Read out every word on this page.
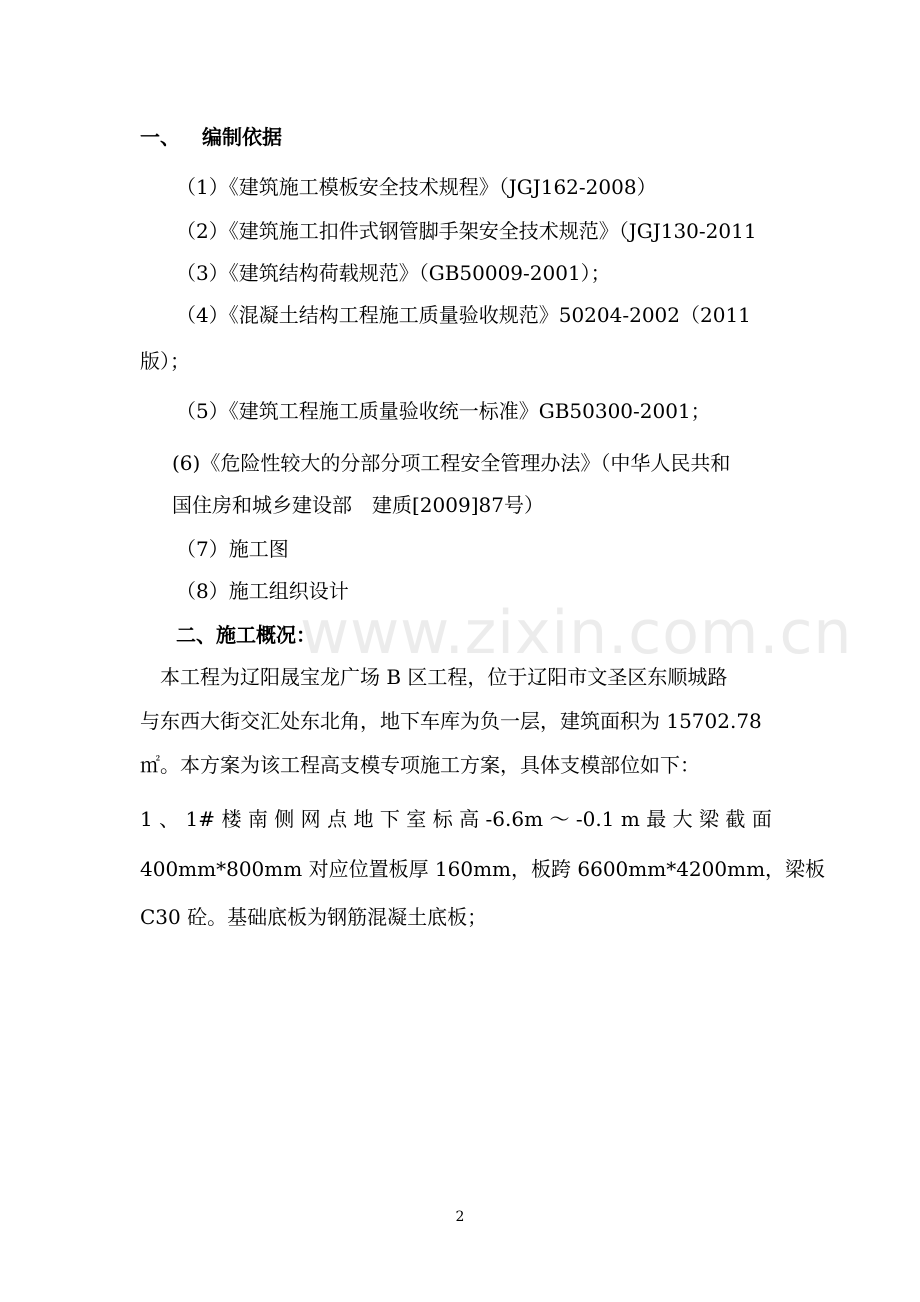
www.zixin.com.cn
一、 编制依据
（1）《建筑施工模板安全技术规程》（JGJ162-2008）
（2）《建筑施工扣件式钢管脚手架安全技术规范》（JGJ130-2011
（3）《建筑结构荷载规范》（GB50009-2001）；
（4）《混凝土结构工程施工质量验收规范》50204-2002（2011
版）；
（5）《建筑工程施工质量验收统一标准》GB50300-2001；
(6)《危险性较大的分部分项工程安全管理办法》（中华人民共和
国住房和城乡建设部　建质[2009]87号）
（7）施工图
（8）施工组织设计
二、施工概况：
本工程为辽阳晟宝龙广场 B 区工程，位于辽阳市文圣区东顺城路
与东西大街交汇处东北角，地下车库为负一层，建筑面积为 15702.78
㎡。本方案为该工程高支模专项施工方案，具体支模部位如下：
1 、 1# 楼 南 侧 网 点 地 下 室 标 高 -6.6m ～ -0.1 m 最 大 梁 截 面
400mm*800mm 对应位置板厚 160mm，板跨 6600mm*4200mm，梁板
C30 砼。基础底板为钢筋混凝土底板；
2
